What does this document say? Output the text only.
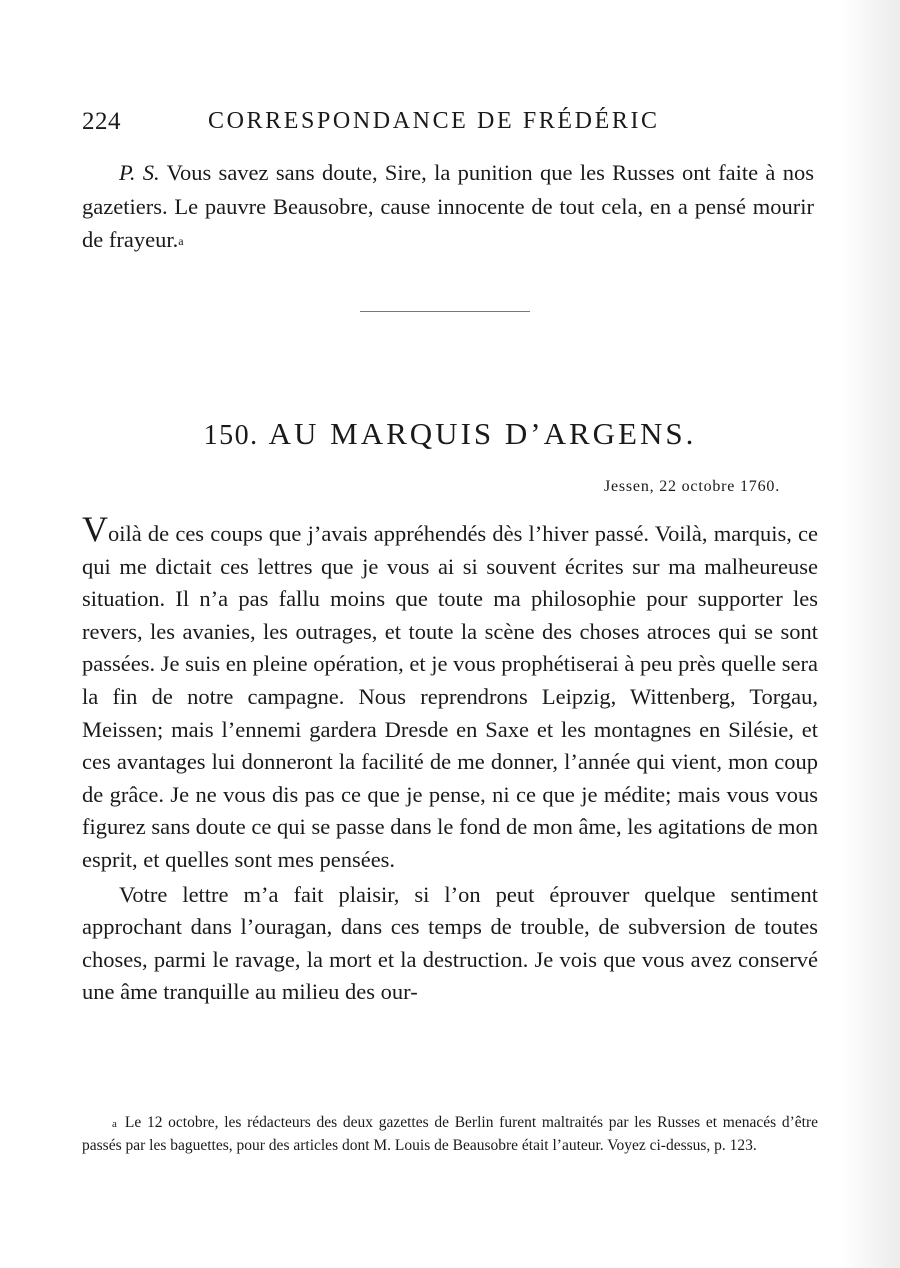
224	CORRESPONDANCE DE FRÉDÉRIC

P. S. Vous savez sans doute, Sire, la punition que les Russes ont faite à nos gazetiers. Le pauvre Beausobre, cause innocente de tout cela, en a pensé mourir de frayeur.$^a$

150. AU MARQUIS D’ARGENS.
Jessen, 22 octobre 1760.

Voilà de ces coups que j’avais appréhendés dès l’hiver passé. Voilà, marquis, ce qui me dictait ces lettres que je vous ai si souvent écrites sur ma malheureuse situation. Il n’a pas fallu moins que toute ma philosophie pour supporter les revers, les avanies, les outrages, et toute la scène des choses atroces qui se sont passées. Je suis en pleine opération, et je vous prophétiserai à peu près quelle sera la fin de notre campagne. Nous reprendrons Leipzig, Wittenberg, Torgau, Meissen; mais l’ennemi gardera Dresde en Saxe et les montagnes en Silésie, et ces avantages lui donneront la facilité de me donner, l’année qui vient, mon coup de grâce. Je ne vous dis pas ce que je pense, ni ce que je médite; mais vous vous figurez sans doute ce qui se passe dans le fond de mon âme, les agitations de mon esprit, et quelles sont mes pensées.

Votre lettre m’a fait plaisir, si l’on peut éprouver quelque sentiment approchant dans l’ouragan, dans ces temps de trouble, de subversion de toutes choses, parmi le ravage, la mort et la destruction. Je vois que vous avez conservé une âme tranquille au milieu des our-

$^a$ Le 12 octobre, les rédacteurs des deux gazettes de Berlin furent maltraités par les Russes et menacés d’être passés par les baguettes, pour des articles dont M. Louis de Beausobre était l’auteur. Voyez ci-dessus, p. 123.
